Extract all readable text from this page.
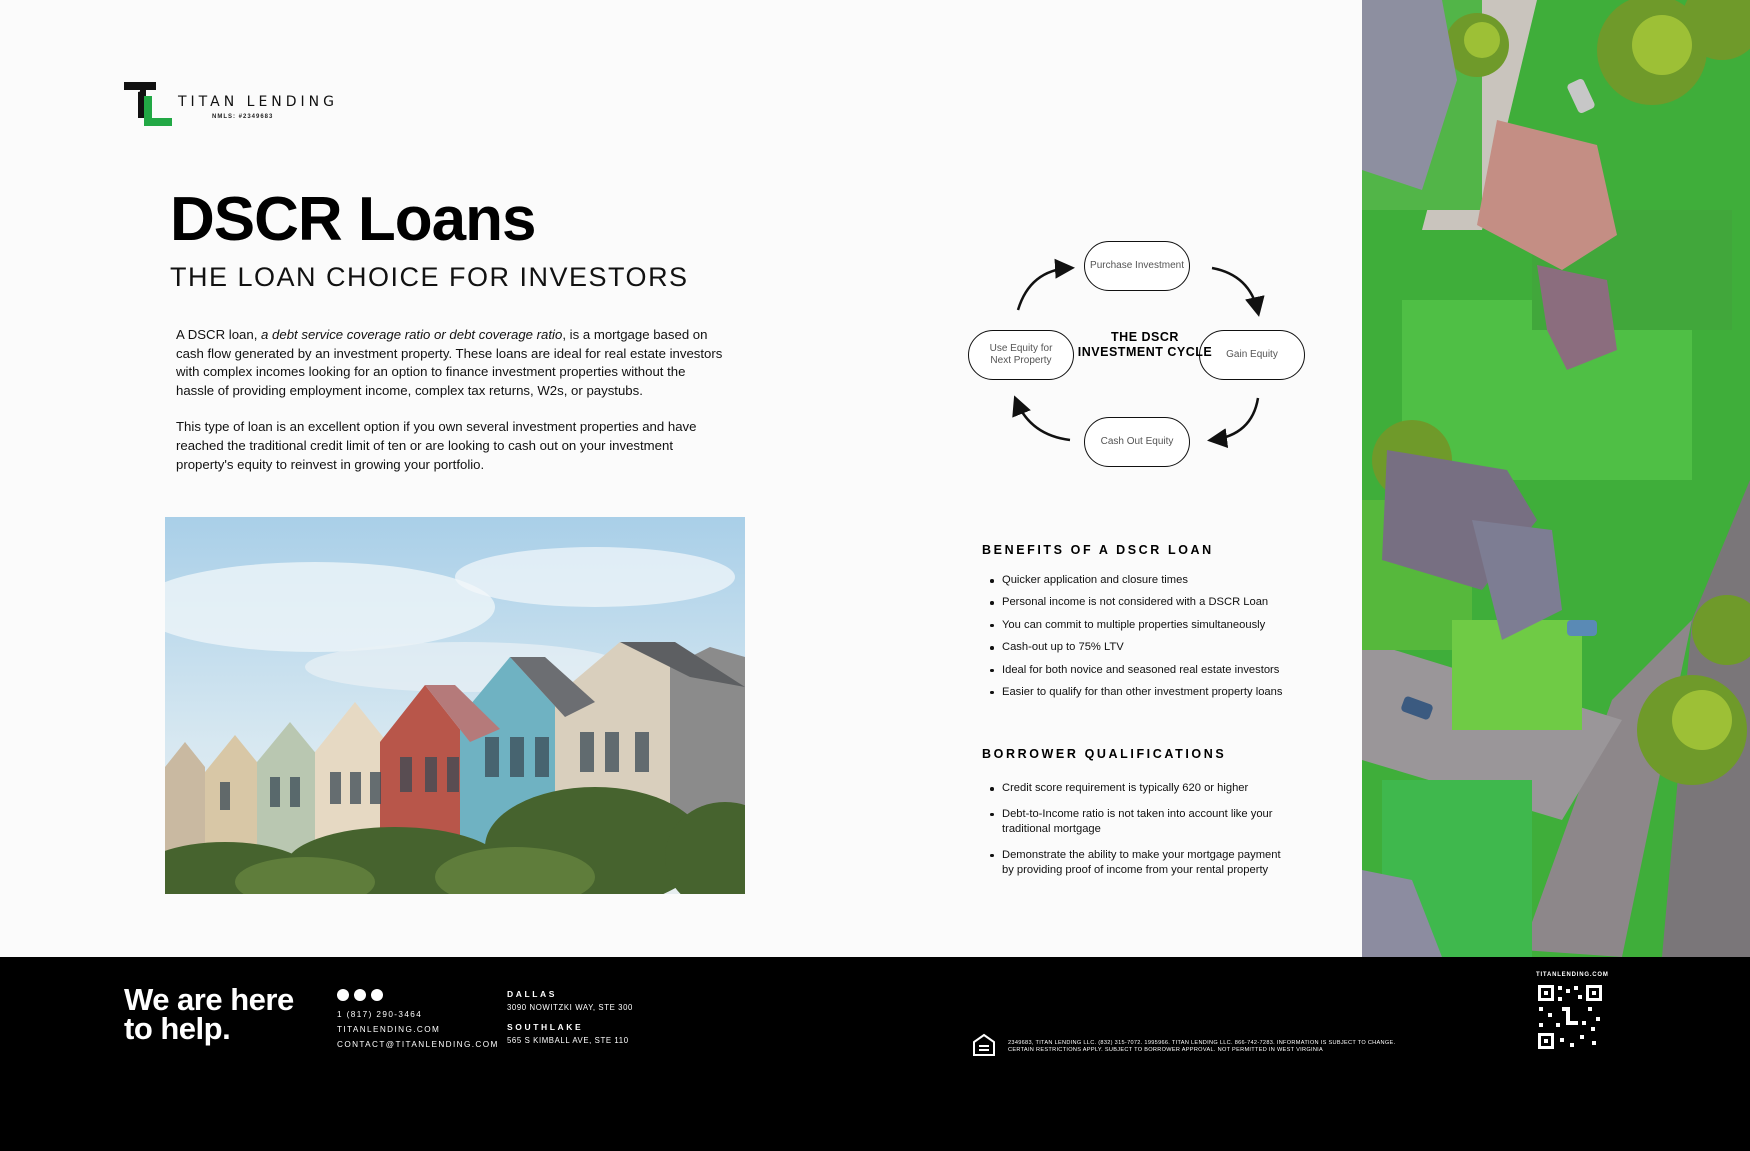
TITAN LENDING
NMLS: #2349683
DSCR Loans
THE LOAN CHOICE FOR INVESTORS

A DSCR loan, a debt service coverage ratio or debt coverage ratio, is a mortgage based on cash flow generated by an investment property. These loans are ideal for real estate investors with complex incomes looking for an option to finance investment properties without the hassle of providing employment income, complex tax returns, W2s, or paystubs.

This type of loan is an excellent option if you own several investment properties and have reached the traditional credit limit of ten or are looking to cash out on your investment property's equity to reinvest in growing your portfolio.

Purchase Investment
Gain Equity
Cash Out Equity
Use Equity for Next Property
THE DSCR INVESTMENT CYCLE
BENEFITS OF A DSCR LOAN
Quicker application and closure times
Personal income is not considered with a DSCR Loan
You can commit to multiple properties simultaneously
Cash-out up to 75% LTV
Ideal for both novice and seasoned real estate investors
Easier to qualify for than other investment property loans
BORROWER QUALIFICATIONS
Credit score requirement is typically 620 or higher
Debt-to-Income ratio is not taken into account like your traditional mortgage
Demonstrate the ability to make your mortgage payment by providing proof of income from your rental property
We are here
to help.	1 (817) 290-3464
TITANLENDING.COM
CONTACT@TITANLENDING.COM
DALLAS
3090 NOWITZKI WAY, STE 300
SOUTHLAKE
565 S KIMBALL AVE, STE 110	2349683, TITAN LENDING LLC. (832) 315-7072. 1995966. TITAN LENDING LLC. 866-742-7283. INFORMATION IS SUBJECT TO CHANGE.
CERTAIN RESTRICTIONS APPLY. SUBJECT TO BORROWER APPROVAL. NOT PERMITTED IN WEST VIRGINIA
TITANLENDING.COM
